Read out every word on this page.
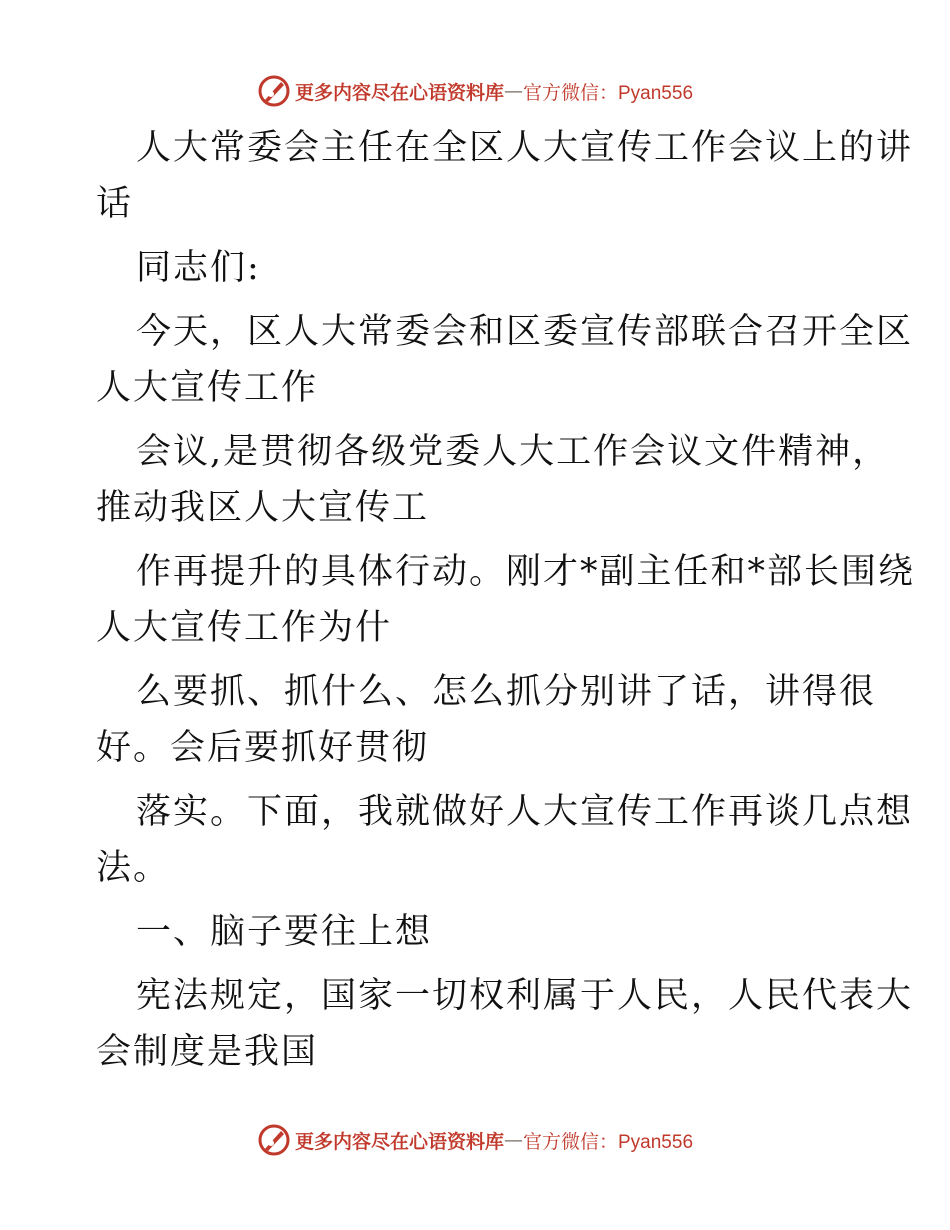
更多内容尽在心语资料库 — 官方微信：Pyan556
人大常委会主任在全区人大宣传工作会议上的讲
话
同志们:
今天，区人大常委会和区委宣传部联合召开全区
人大宣传工作
会议,是贯彻各级党委人大工作会议文件精神，
推动我区人大宣传工
作再提升的具体行动。刚才*副主任和*部长围绕
人大宣传工作为什
么要抓、抓什么、怎么抓分别讲了话，讲得很
好。会后要抓好贯彻
落实。下面，我就做好人大宣传工作再谈几点想
法。
一、脑子要往上想
宪法规定，国家一切权利属于人民，人民代表大
会制度是我国
更多内容尽在心语资料库 — 官方微信：Pyan556
